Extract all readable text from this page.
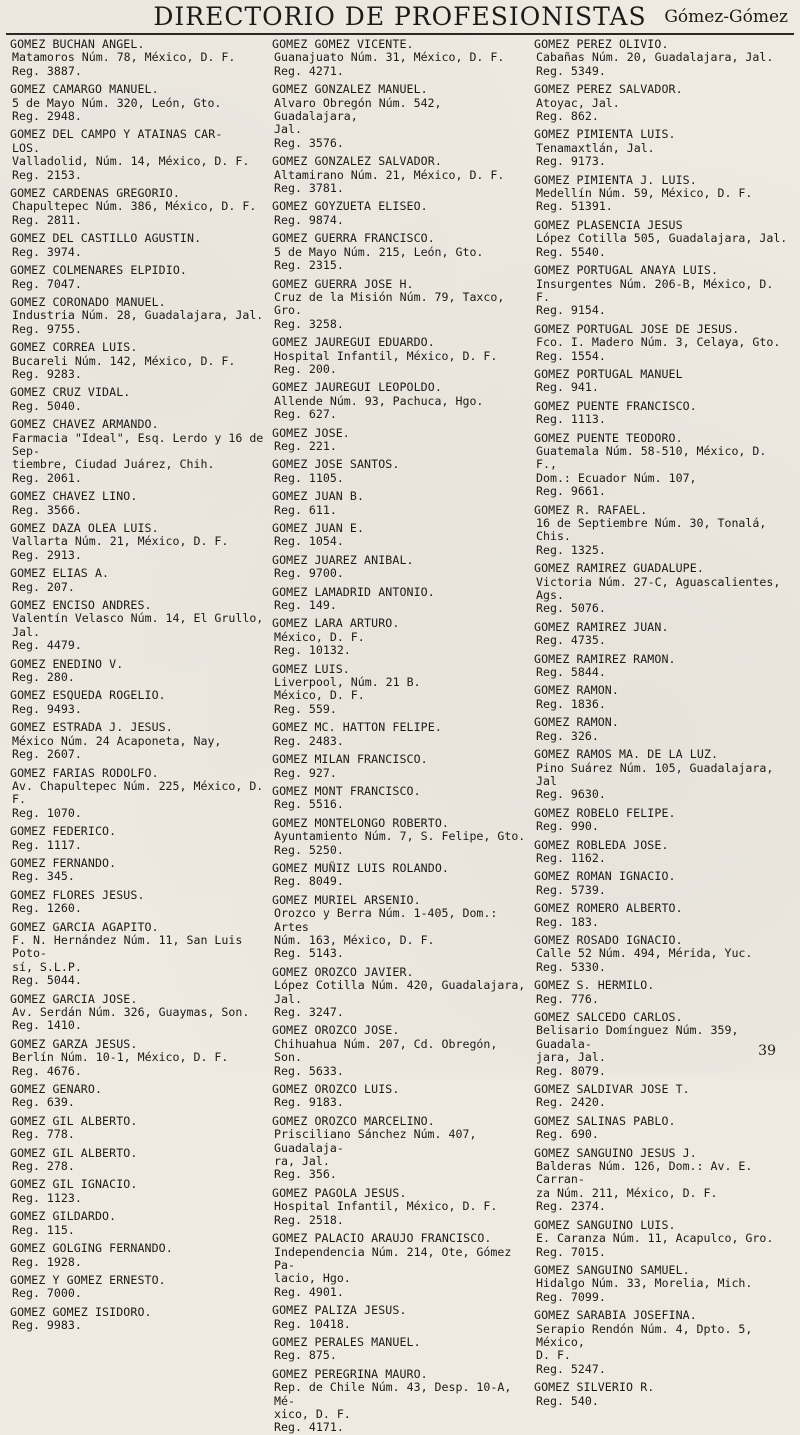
DIRECTORIO DE PROFESIONISTAS	Gómez-Gómez
GOMEZ BUCHAN ANGEL.
Matamoros Núm. 78, México, D. F.
Reg. 3887.
GOMEZ CAMARGO MANUEL.
5 de Mayo Núm. 320, León, Gto.
Reg. 2948.
GOMEZ DEL CAMPO Y ATAINAS CAR-
LOS.
Valladolid, Núm. 14, México, D. F.
Reg. 2153.
GOMEZ CARDENAS GREGORIO.
Chapultepec Núm. 386, México, D. F.
Reg. 2811.
GOMEZ DEL CASTILLO AGUSTIN.
Reg. 3974.
GOMEZ COLMENARES ELPIDIO.
Reg. 7047.
GOMEZ CORONADO MANUEL.
Industria Núm. 28, Guadalajara, Jal.
Reg. 9755.
GOMEZ CORREA LUIS.
Bucareli Núm. 142, México, D. F.
Reg. 9283.
GOMEZ CRUZ VIDAL.
Reg. 5040.
GOMEZ CHAVEZ ARMANDO.
Farmacia "Ideal", Esq. Lerdo y 16 de Sep-
tiembre, Ciudad Juárez, Chih.
Reg. 2061.
GOMEZ CHAVEZ LINO.
Reg. 3566.
GOMEZ DAZA OLEA LUIS.
Vallarta Núm. 21, México, D. F.
Reg. 2913.
GOMEZ ELIAS A.
Reg. 207.
GOMEZ ENCISO ANDRES.
Valentín Velasco Núm. 14, El Grullo, Jal.
Reg. 4479.
GOMEZ ENEDINO V.
Reg. 280.
GOMEZ ESQUEDA ROGELIO.
Reg. 9493.
GOMEZ ESTRADA J. JESUS.
México Núm. 24 Acaponeta, Nay,
Reg. 2607.
GOMEZ FARIAS RODOLFO.
Av. Chapultepec Núm. 225, México, D. F.
Reg. 1070.
GOMEZ FEDERICO.
Reg. 1117.
GOMEZ FERNANDO.
Reg. 345.
GOMEZ FLORES JESUS.
Reg. 1260.
GOMEZ GARCIA AGAPITO.
F. N. Hernández Núm. 11, San Luis Poto-
sí, S.L.P.
Reg. 5044.
GOMEZ GARCIA JOSE.
Av. Serdán Núm. 326, Guaymas, Son.
Reg. 1410.
GOMEZ GARZA JESUS.
Berlín Núm. 10-1, México, D. F.
Reg. 4676.
GOMEZ GENARO.
Reg. 639.
GOMEZ GIL ALBERTO.
Reg. 778.
GOMEZ GIL ALBERTO.
Reg. 278.
GOMEZ GIL IGNACIO.
Reg. 1123.
GOMEZ GILDARDO.
Reg. 115.
GOMEZ GOLGING FERNANDO.
Reg. 1928.
GOMEZ Y GOMEZ ERNESTO.
Reg. 7000.
GOMEZ GOMEZ ISIDORO.
Reg. 9983.
GOMEZ GOMEZ VICENTE.
Guanajuato Núm. 31, México, D. F.
Reg. 4271.
GOMEZ GONZALEZ MANUEL.
Alvaro Obregón Núm. 542, Guadalajara,
Jal.
Reg. 3576.
GOMEZ GONZALEZ SALVADOR.
Altamirano Núm. 21, México, D. F.
Reg. 3781.
GOMEZ GOYZUETA ELISEO.
Reg. 9874.
GOMEZ GUERRA FRANCISCO.
5 de Mayo Núm. 215, León, Gto.
Reg. 2315.
GOMEZ GUERRA JOSE H.
Cruz de la Misión Núm. 79, Taxco, Gro.
Reg. 3258.
GOMEZ JAUREGUI EDUARDO.
Hospital Infantil, México, D. F.
Reg. 200.
GOMEZ JAUREGUI LEOPOLDO.
Allende Núm. 93, Pachuca, Hgo.
Reg. 627.
GOMEZ JOSE.
Reg. 221.
GOMEZ JOSE SANTOS.
Reg. 1105.
GOMEZ JUAN B.
Reg. 611.
GOMEZ JUAN E.
Reg. 1054.
GOMEZ JUAREZ ANIBAL.
Reg. 9700.
GOMEZ LAMADRID ANTONIO.
Reg. 149.
GOMEZ LARA ARTURO.
México, D. F.
Reg. 10132.
GOMEZ LUIS.
Liverpool, Núm. 21 B.
México, D. F.
Reg. 559.
GOMEZ MC. HATTON FELIPE.
Reg. 2483.
GOMEZ MILAN FRANCISCO.
Reg. 927.
GOMEZ MONT FRANCISCO.
Reg. 5516.
GOMEZ MONTELONGO ROBERTO.
Ayuntamiento Núm. 7, S. Felipe, Gto.
Reg. 5250.
GOMEZ MUÑIZ LUIS ROLANDO.
Reg. 8049.
GOMEZ MURIEL ARSENIO.
Orozco y Berra Núm. 1-405, Dom.: Artes
Núm. 163, México, D. F.
Reg. 5143.
GOMEZ OROZCO JAVIER.
López Cotilla Núm. 420, Guadalajara, Jal.
Reg. 3247.
GOMEZ OROZCO JOSE.
Chihuahua Núm. 207, Cd. Obregón, Son.
Reg. 5633.
GOMEZ OROZCO LUIS.
Reg. 9183.
GOMEZ OROZCO MARCELINO.
Prisciliano Sánchez Núm. 407, Guadalaja-
ra, Jal.
Reg. 356.
GOMEZ PAGOLA JESUS.
Hospital Infantil, México, D. F.
Reg. 2518.
GOMEZ PALACIO ARAUJO FRANCISCO.
Independencia Núm. 214, Ote, Gómez Pa-
lacio, Hgo.
Reg. 4901.
GOMEZ PALIZA JESUS.
Reg. 10418.
GOMEZ PERALES MANUEL.
Reg. 875.
GOMEZ PEREGRINA MAURO.
Rep. de Chile Núm. 43, Desp. 10-A, Mé-
xico, D. F.
Reg. 4171.
GOMEZ PEREZ OLIVIO.
Cabañas Núm. 20, Guadalajara, Jal.
Reg. 5349.
GOMEZ PEREZ SALVADOR.
Atoyac, Jal.
Reg. 862.
GOMEZ PIMIENTA LUIS.
Tenamaxtlán, Jal.
Reg. 9173.
GOMEZ PIMIENTA J. LUIS.
Medellín Núm. 59, México, D. F.
Reg. 51391.
GOMEZ PLASENCIA JESUS
López Cotilla 505, Guadalajara, Jal.
Reg. 5540.
GOMEZ PORTUGAL ANAYA LUIS.
Insurgentes Núm. 206-B, México, D. F.
Reg. 9154.
GOMEZ PORTUGAL JOSE DE JESUS.
Fco. I. Madero Núm. 3, Celaya, Gto.
Reg. 1554.
GOMEZ PORTUGAL MANUEL
Reg. 941.
GOMEZ PUENTE FRANCISCO.
Reg. 1113.
GOMEZ PUENTE TEODORO.
Guatemala Núm. 58-510, México, D. F.,
Dom.: Ecuador Núm. 107,
Reg. 9661.
GOMEZ R. RAFAEL.
16 de Septiembre Núm. 30, Tonalá, Chis.
Reg. 1325.
GOMEZ RAMIREZ GUADALUPE.
Victoria Núm. 27-C, Aguascalientes, Ags.
Reg. 5076.
GOMEZ RAMIREZ JUAN.
Reg. 4735.
GOMEZ RAMIREZ RAMON.
Reg. 5844.
GOMEZ RAMON.
Reg. 1836.
GOMEZ RAMON.
Reg. 326.
GOMEZ RAMOS MA. DE LA LUZ.
Pino Suárez Núm. 105, Guadalajara, Jal
Reg. 9630.
GOMEZ ROBELO FELIPE.
Reg. 990.
GOMEZ ROBLEDA JOSE.
Reg. 1162.
GOMEZ ROMAN IGNACIO.
Reg. 5739.
GOMEZ ROMERO ALBERTO.
Reg. 183.
GOMEZ ROSADO IGNACIO.
Calle 52 Núm. 494, Mérida, Yuc.
Reg. 5330.
GOMEZ S. HERMILO.
Reg. 776.
GOMEZ SALCEDO CARLOS.
Belisario Domínguez Núm. 359, Guadala-
jara, Jal.
Reg. 8079.
GOMEZ SALDIVAR JOSE T.
Reg. 2420.
GOMEZ SALINAS PABLO.
Reg. 690.
GOMEZ SANGUINO JESUS J.
Balderas Núm. 126, Dom.: Av. E. Carran-
za Núm. 211, México, D. F.
Reg. 2374.
GOMEZ SANGUINO LUIS.
E. Caranza Núm. 11, Acapulco, Gro.
Reg. 7015.
GOMEZ SANGUINO SAMUEL.
Hidalgo Núm. 33, Morelia, Mich.
Reg. 7099.
GOMEZ SARABIA JOSEFINA.
Serapio Rendón Núm. 4, Dpto. 5, México,
D. F.
Reg. 5247.
GOMEZ SILVERIO R.
Reg. 540.
39
